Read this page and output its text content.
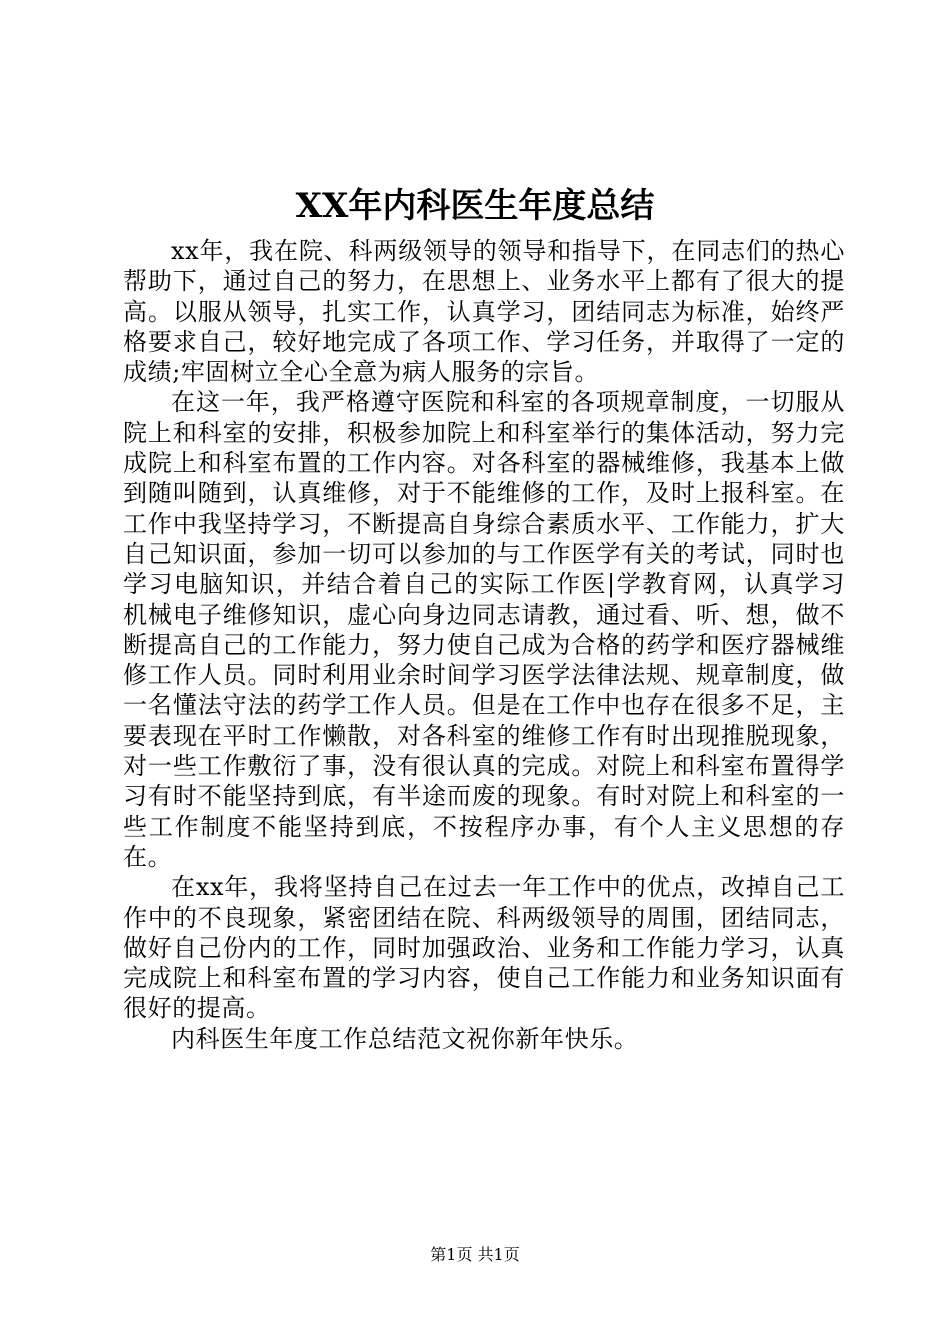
XX年内科医生年度总结

xx年，我在院、科两级领导的领导和指导下，在同志们的热心帮助下，通过自己的努力，在思想上、业务水平上都有了很大的提高。以服从领导，扎实工作，认真学习，团结同志为标准，始终严格要求自己，较好地完成了各项工作、学习任务，并取得了一定的成绩;牢固树立全心全意为病人服务的宗旨。

在这一年，我严格遵守医院和科室的各项规章制度，一切服从院上和科室的安排，积极参加院上和科室举行的集体活动，努力完成院上和科室布置的工作内容。对各科室的器械维修，我基本上做到随叫随到，认真维修，对于不能维修的工作，及时上报科室。在工作中我坚持学习，不断提高自身综合素质水平、工作能力，扩大自己知识面，参加一切可以参加的与工作医学有关的考试，同时也学习电脑知识，并结合着自己的实际工作医|学教育网，认真学习机械电子维修知识，虚心向身边同志请教，通过看、听、想，做不断提高自己的工作能力，努力使自己成为合格的药学和医疗器械维修工作人员。同时利用业余时间学习医学法律法规、规章制度，做一名懂法守法的药学工作人员。但是在工作中也存在很多不足，主要表现在平时工作懒散，对各科室的维修工作有时出现推脱现象，对一些工作敷衍了事，没有很认真的完成。对院上和科室布置得学习有时不能坚持到底，有半途而废的现象。有时对院上和科室的一些工作制度不能坚持到底，不按程序办事，有个人主义思想的存在。

在xx年，我将坚持自己在过去一年工作中的优点，改掉自己工作中的不良现象，紧密团结在院、科两级领导的周围，团结同志，做好自己份内的工作，同时加强政治、业务和工作能力学习，认真完成院上和科室布置的学习内容，使自己工作能力和业务知识面有很好的提高。

内科医生年度工作总结范文祝你新年快乐。

第1页 共1页
